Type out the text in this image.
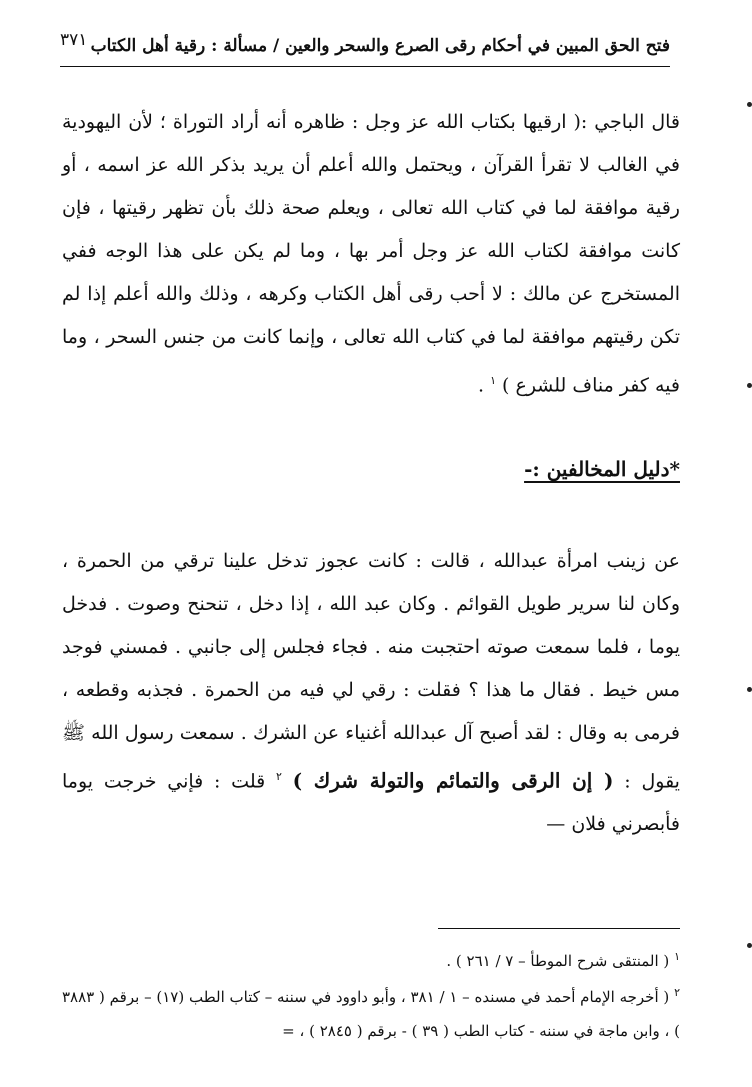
٣٧١ فتح الحق المبين في أحكام رقى الصرع والسحر والعين / مسألة : رقية أهل الكتاب
قال الباجي :( ارقيها بكتاب الله عز وجل : ظاهره أنه أراد التوراة ؛ لأن اليهودية في الغالب لا تقرأ القرآن ، ويحتمل والله أعلم أن يريد بذكر الله عز اسمه ، أو رقية موافقة لما في كتاب الله تعالى ، ويعلم صحة ذلك بأن تظهر رقيتها ، فإن كانت موافقة لكتاب الله عز وجل أمر بها ، وما لم يكن على هذا الوجه ففي المستخرج عن مالك : لا أحب رقى أهل الكتاب وكرهه ، وذلك والله أعلم إذا لم تكن رقيتهم موافقة لما في كتاب الله تعالى ، وإنما كانت من جنس السحر ، وما فيه كفر مناف للشرع ) $^١$ .
*دليل المخالفين :-
عن زينب امرأة عبدالله ، قالت : كانت عجوز تدخل علينا ترقي من الحمرة ، وكان لنا سرير طويل القوائم . وكان عبد الله ، إذا دخل ، تنحنح وصوت . فدخل يوما ، فلما سمعت صوته احتجبت منه . فجاء فجلس إلى جانبي . فمسني فوجد مس خيط . فقال ما هذا ؟ فقلت : رقي لي فيه من الحمرة . فجذبه وقطعه ، فرمى به وقال : لقد أصبح آل عبدالله أغنياء عن الشرك . سمعت رسول الله ﷺ يقول : ( إن الرقى والتمائم والتولة شرك ) $^٢$ قلت : فإني خرجت يوما فأبصرني فلان —
$^١$ ( المنتقى شرح الموطأ – ٧ / ٢٦١ ) .
$^٢$ ( أخرجه الإمام أحمد في مسنده – ١ / ٣٨١ ، وأبو داوود في سننه – كتاب الطب (١٧) – برقم ( ٣٨٨٣ ) ، وابن ماجة في سننه - كتاب الطب ( ٣٩ ) - برقم ( ٢٨٤٥ ) ، =
